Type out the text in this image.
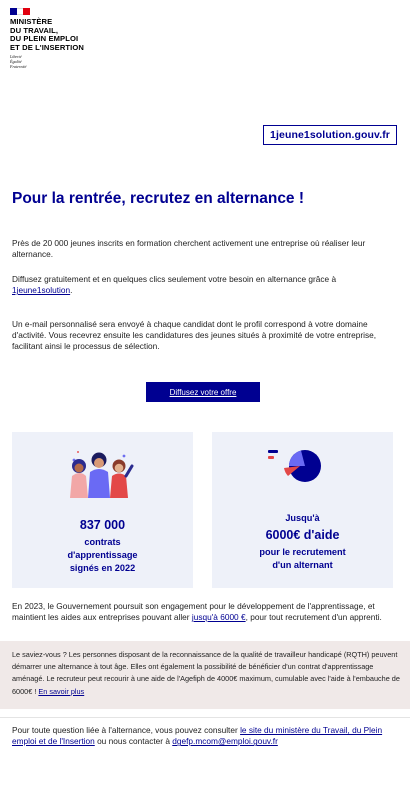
MINISTÈRE
DU TRAVAIL,
DU PLEIN EMPLOI
ET DE L'INSERTION
Liberté
Égalité
Fraternité
1jeune1solution.gouv.fr
Pour la rentrée, recrutez en alternance !

Près de 20 000 jeunes inscrits en formation cherchent activement une entreprise où réaliser leur alternance.

Diffusez gratuitement et en quelques clics seulement votre besoin en alternance grâce à 1jeune1solution.

Un e-mail personnalisé sera envoyé à chaque candidat dont le profil correspond à votre domaine d'activité. Vous recevrez ensuite les candidatures des jeunes situés à proximité de votre entreprise, facilitant ainsi le processus de sélection.

Diffusez votre offre
837 000
contrats
d'apprentissage
signés en 2022
Jusqu'à
6000€ d'aide
pour le recrutement
d'un alternant

En 2023, le Gouvernement poursuit son engagement pour le développement de l'apprentissage, et maintient les aides aux entreprises pouvant aller jusqu'à 6000 €, pour tout recrutement d'un apprenti.

Le saviez-vous ? Les personnes disposant de la reconnaissance de la qualité de travailleur handicapé (RQTH) peuvent démarrer une alternance à tout âge. Elles ont également la possibilité de bénéficier d'un contrat d'apprentissage aménagé. Le recruteur peut recourir à une aide de l'Agefiph de 4000€ maximum, cumulable avec l'aide à l'embauche de 6000€ ! En savoir plus

Pour toute question liée à l'alternance, vous pouvez consulter le site du ministère du Travail, du Plein emploi et de l'Insertion ou nous contacter à dgefp.mcom@emploi.gouv.fr
